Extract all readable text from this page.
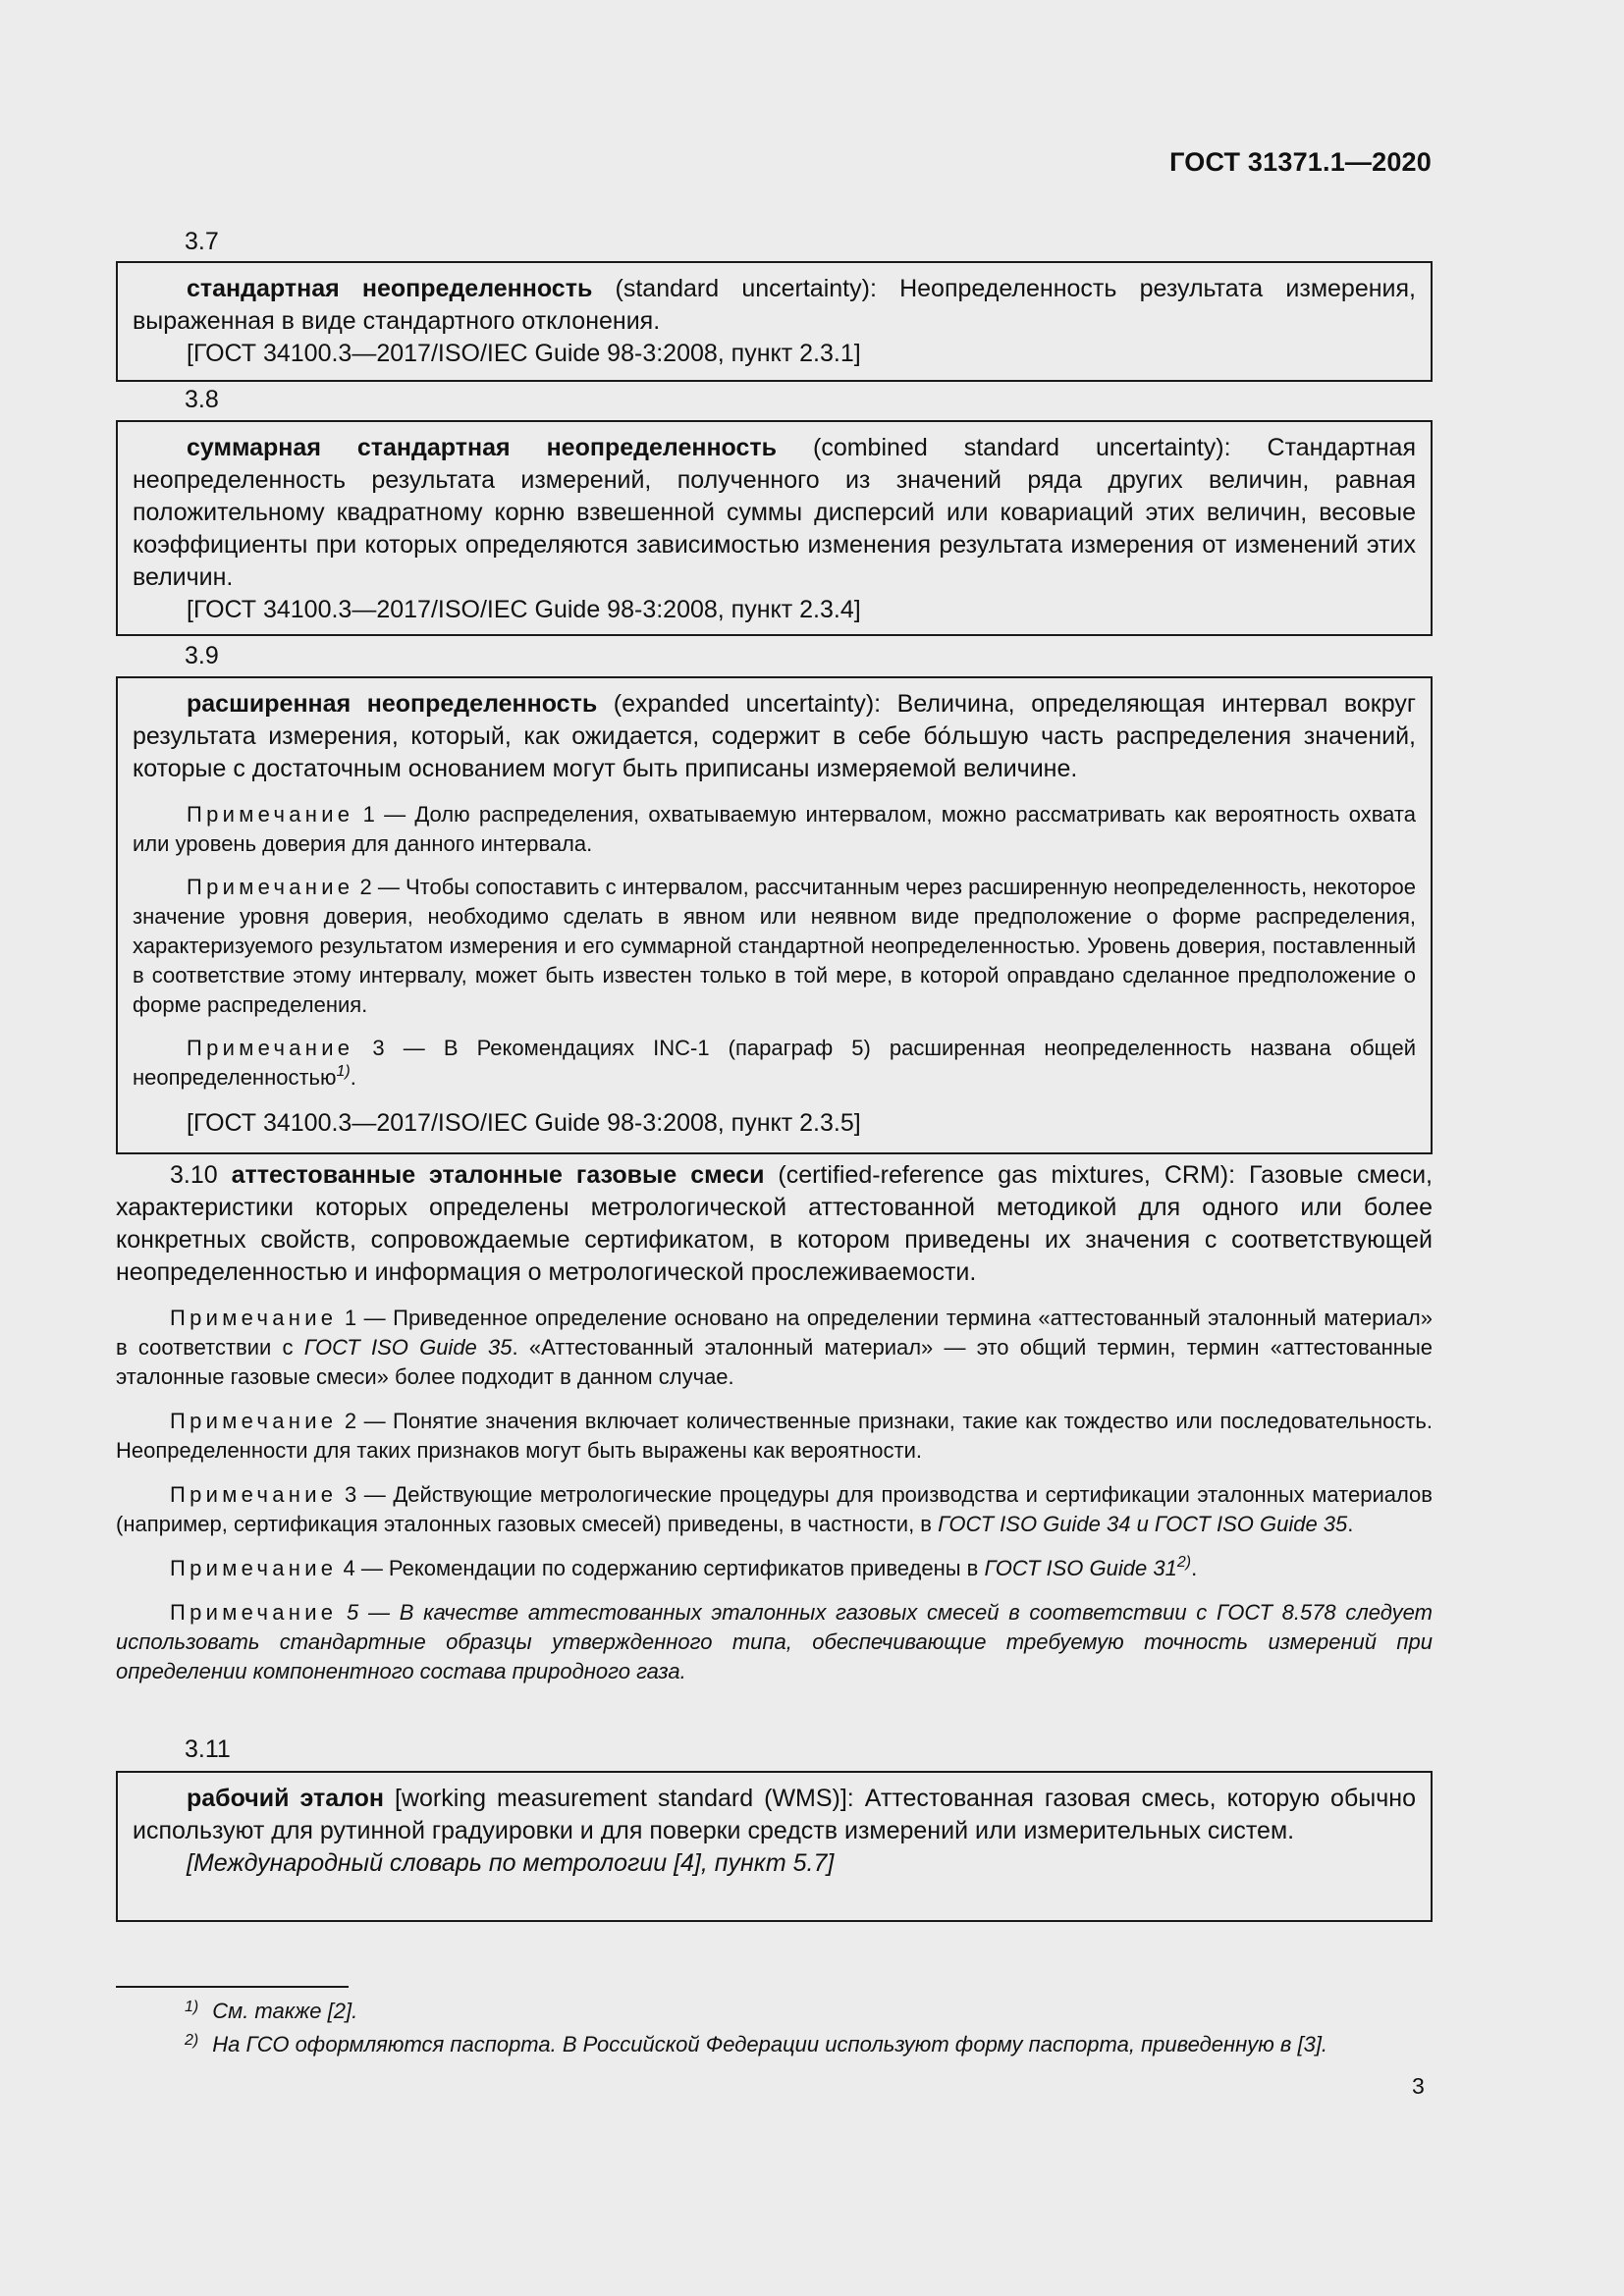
ГОСТ 31371.1—2020
3.7

стандартная неопределенность (standard uncertainty): Неопределенность результата измерения, выраженная в виде стандартного отклонения.

[ГОСТ 34100.3—2017/ISO/IEC Guide 98-3:2008, пункт 2.3.1]

3.8

суммарная стандартная неопределенность (combined standard uncertainty): Стандартная неопределенность результата измерений, полученного из значений ряда других величин, равная положительному квадратному корню взвешенной суммы дисперсий или ковариаций этих величин, весовые коэффициенты при которых определяются зависимостью изменения результата измерения от изменений этих величин.

[ГОСТ 34100.3—2017/ISO/IEC Guide 98-3:2008, пункт 2.3.4]

3.9

расширенная неопределенность (expanded uncertainty): Величина, определяющая интервал вокруг результата измерения, который, как ожидается, содержит в себе бо́льшую часть распределения значений, которые с достаточным основанием могут быть приписаны измеряемой величине.

Примечание 1 — Долю распределения, охватываемую интервалом, можно рассматривать как вероятность охвата или уровень доверия для данного интервала.

Примечание 2 — Чтобы сопоставить с интервалом, рассчитанным через расширенную неопределенность, некоторое значение уровня доверия, необходимо сделать в явном или неявном виде предположение о форме распределения, характеризуемого результатом измерения и его суммарной стандартной неопределенностью. Уровень доверия, поставленный в соответствие этому интервалу, может быть известен только в той мере, в которой оправдано сделанное предположение о форме распределения.

Примечание 3 — В Рекомендациях INC-1 (параграф 5) расширенная неопределенность названа общей неопределенностью$^{1)}$.

[ГОСТ 34100.3—2017/ISO/IEC Guide 98-3:2008, пункт 2.3.5]

3.10 аттестованные эталонные газовые смеси (certified-reference gas mixtures, CRM): Газовые смеси, характеристики которых определены метрологической аттестованной методикой для одного или более конкретных свойств, сопровождаемые сертификатом, в котором приведены их значения с соответствующей неопределенностью и информация о метрологической прослеживаемости.

Примечание 1 — Приведенное определение основано на определении термина «аттестованный эталонный материал» в соответствии с ГОСТ ISO Guide 35. «Аттестованный эталонный материал» — это общий термин, термин «аттестованные эталонные газовые смеси» более подходит в данном случае.

Примечание 2 — Понятие значения включает количественные признаки, такие как тождество или последовательность. Неопределенности для таких признаков могут быть выражены как вероятности.

Примечание 3 — Действующие метрологические процедуры для производства и сертификации эталонных материалов (например, сертификация эталонных газовых смесей) приведены, в частности, в ГОСТ ISO Guide 34 и ГОСТ ISO Guide 35.

Примечание 4 — Рекомендации по содержанию сертификатов приведены в ГОСТ ISO Guide 31$^{2)}$.

Примечание 5 — В качестве аттестованных эталонных газовых смесей в соответствии с ГОСТ 8.578 следует использовать стандартные образцы утвержденного типа, обеспечивающие требуемую точность измерений при определении компонентного состава природного газа.

3.11

рабочий эталон [working measurement standard (WMS)]: Аттестованная газовая смесь, которую обычно используют для рутинной градуировки и для поверки средств измерений или измерительных систем.

[Международный словарь по метрологии [4], пункт 5.7]

$^{1)}$ См. также [2].
$^{2)}$ На ГСО оформляются паспорта. В Российской Федерации используют форму паспорта, приведенную в [3].
3
